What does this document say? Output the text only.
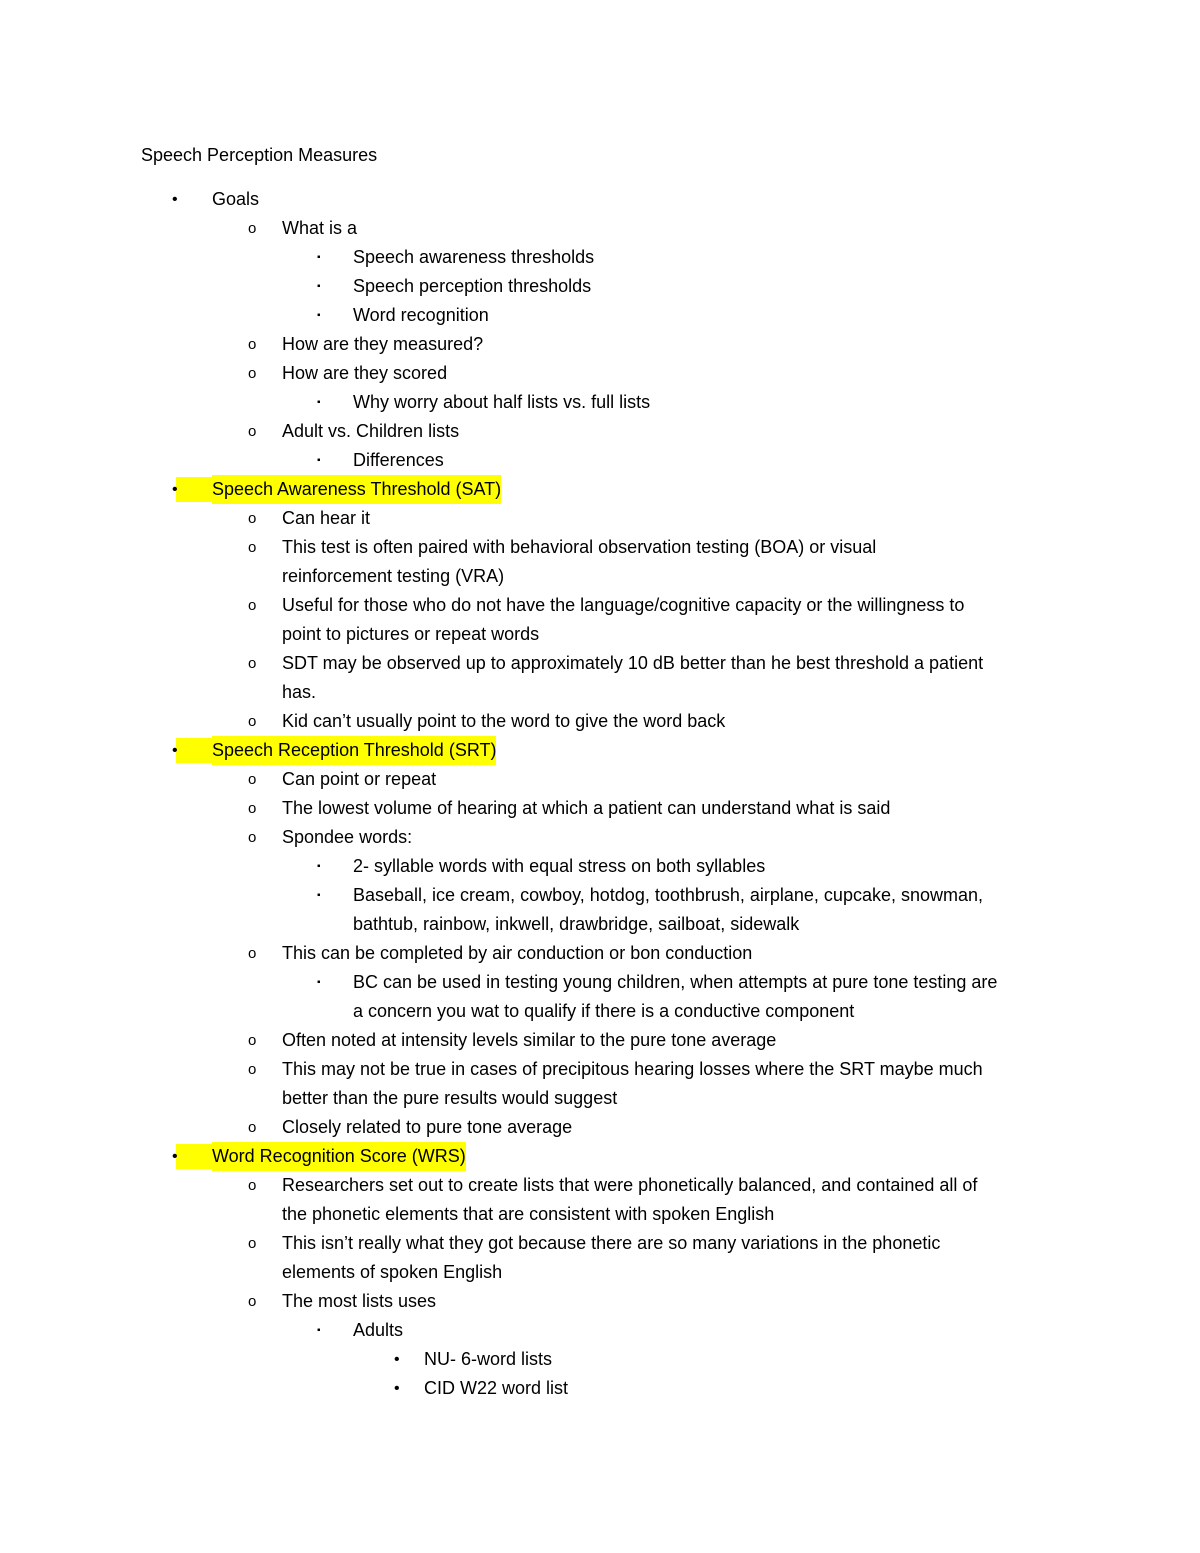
Speech Perception Measures
• Goals
o What is a
▪ Speech awareness thresholds
▪ Speech perception thresholds
▪ Word recognition
o How are they measured?
o How are they scored
▪ Why worry about half lists vs. full lists
o Adult vs. Children lists
▪ Differences
• Speech Awareness Threshold (SAT)
o Can hear it
o This test is often paired with behavioral observation testing (BOA) or visual
reinforcement testing (VRA)
o Useful for those who do not have the language/cognitive capacity or the willingness to
point to pictures or repeat words
o SDT may be observed up to approximately 10 dB better than he best threshold a patient
has.
o Kid can’t usually point to the word to give the word back
• Speech Reception Threshold (SRT)
o Can point or repeat
o The lowest volume of hearing at which a patient can understand what is said
o Spondee words:
▪ 2- syllable words with equal stress on both syllables
▪ Baseball, ice cream, cowboy, hotdog, toothbrush, airplane, cupcake, snowman,
bathtub, rainbow, inkwell, drawbridge, sailboat, sidewalk
o This can be completed by air conduction or bon conduction
▪ BC can be used in testing young children, when attempts at pure tone testing are
a concern you wat to qualify if there is a conductive component
o Often noted at intensity levels similar to the pure tone average
o This may not be true in cases of precipitous hearing losses where the SRT maybe much
better than the pure results would suggest
o Closely related to pure tone average
• Word Recognition Score (WRS)
o Researchers set out to create lists that were phonetically balanced, and contained all of
the phonetic elements that are consistent with spoken English
o This isn’t really what they got because there are so many variations in the phonetic
elements of spoken English
o The most lists uses
▪ Adults
• NU- 6-word lists
• CID W22 word list
